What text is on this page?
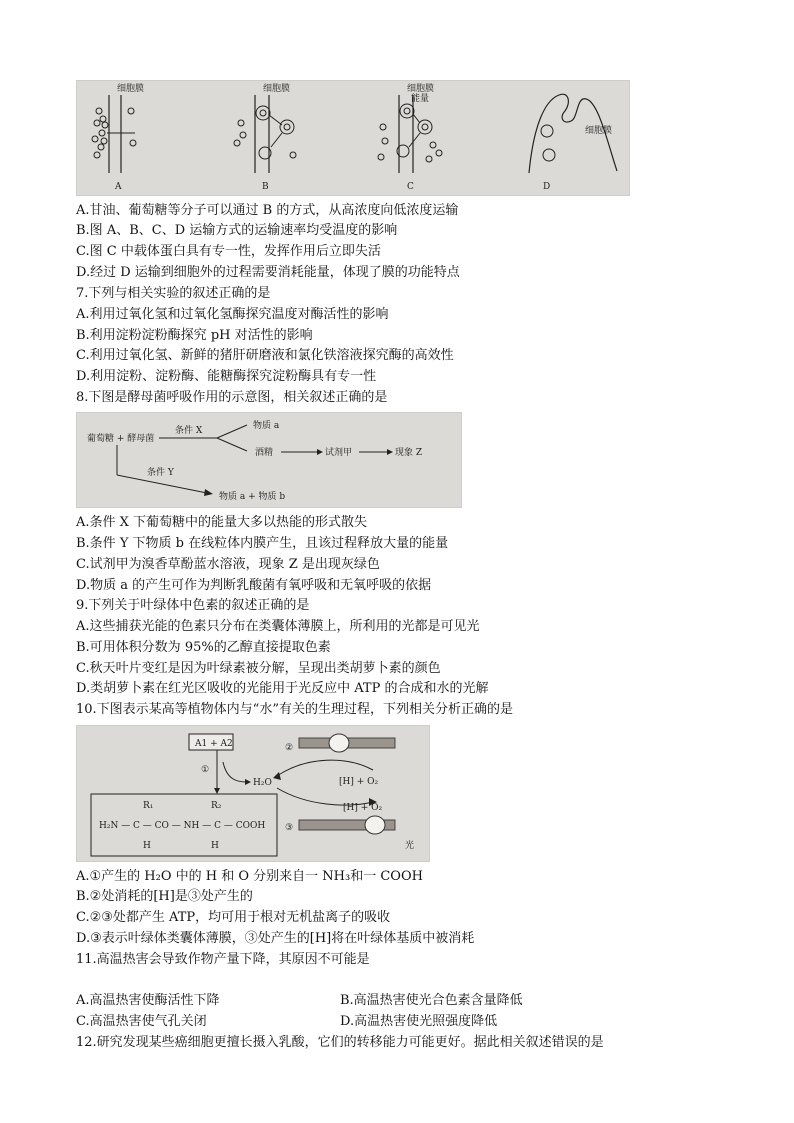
A
细胞膜
B
细胞膜
C
细胞膜
能量
细胞膜
D
A.甘油、葡萄糖等分子可以通过 B 的方式，从高浓度向低浓度运输
B.图 A、B、C、D 运输方式的运输速率均受温度的影响
C.图 C 中载体蛋白具有专一性，发挥作用后立即失活
D.经过 D 运输到细胞外的过程需要消耗能量，体现了膜的功能特点
7.下列与相关实验的叙述正确的是
A.利用过氧化氢和过氧化氢酶探究温度对酶活性的影响
B.利用淀粉淀粉酶探究 pH 对活性的影响
C.利用过氧化氢、新鲜的猪肝研磨液和氯化铁溶液探究酶的高效性
D.利用淀粉、淀粉酶、能糖酶探究淀粉酶具有专一性
8.下图是酵母菌呼吸作用的示意图，相关叙述正确的是
葡萄糖 + 酵母菌
条件 X	物质 a
酒精	试剂甲	现象 Z
条件 Y
物质 a + 物质 b
A.条件 X 下葡萄糖中的能量大多以热能的形式散失
B.条件 Y 下物质 b 在线粒体内膜产生，且该过程释放大量的能量
C.试剂甲为溴香草酚蓝水溶液，现象 Z 是出现灰绿色
D.物质 a 的产生可作为判断乳酸菌有氧呼吸和无氧呼吸的依据
9.下列关于叶绿体中色素的叙述正确的是
A.这些捕获光能的色素只分布在类囊体薄膜上，所利用的光都是可见光
B.可用体积分数为 95%的乙醇直接提取色素
C.秋天叶片变红是因为叶绿素被分解，呈现出类胡萝卜素的颜色
D.类胡萝卜素在红光区吸收的光能用于光反应中 ATP 的合成和水的光解
10.下图表示某高等植物体内与“水”有关的生理过程，下列相关分析正确的是
A1 + A2
①
H₂O	[H] + O₂
[H] + O₂
②
③
光
R₁	R₂
H₂N — C — CO — NH — C — COOH
H	H
A.①产生的 H₂O 中的 H 和 O 分别来自一 NH₃和一 COOH
B.②处消耗的[H]是③处产生的
C.②③处都产生 ATP，均可用于根对无机盐离子的吸收
D.③表示叶绿体类囊体薄膜，③处产生的[H]将在叶绿体基质中被消耗
11.高温热害会导致作物产量下降，其原因不可能是
A.高温热害使酶活性下降	B.高温热害使光合色素含量降低
C.高温热害使气孔关闭	D.高温热害使光照强度降低
12.研究发现某些癌细胞更擅长摄入乳酸，它们的转移能力可能更好。据此相关叙述错误的是
